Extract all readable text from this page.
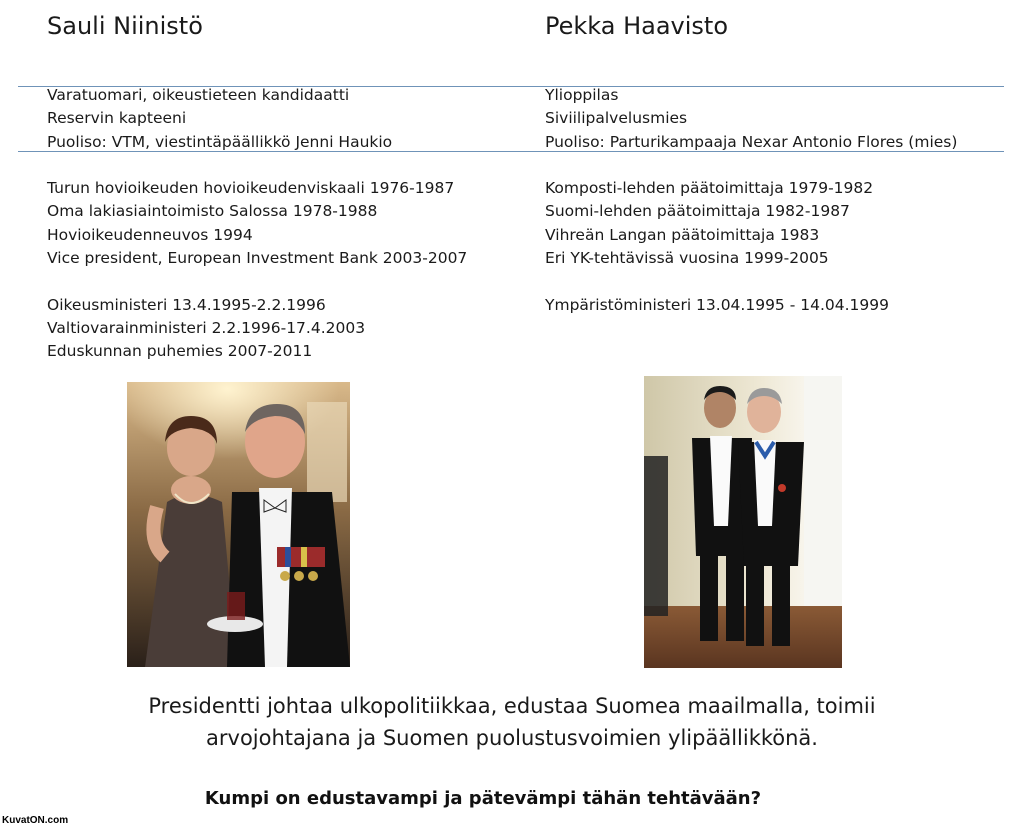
Sauli Niinistö	Pekka Haavisto
Varatuomari, oikeustieteen kandidaatti
Reservin kapteeni
Puoliso: VTM, viestintäpäällikkö Jenni Haukio
Turun hovioikeuden hovioikeudenviskaali 1976-1987
Oma lakiasiaintoimisto Salossa 1978-1988
Hovioikeudenneuvos 1994
Vice president, European Investment Bank 2003-2007
Oikeusministeri 13.4.1995-2.2.1996
Valtiovarainministeri 2.2.1996-17.4.2003
Eduskunnan puhemies 2007-2011
Ylioppilas
Siviilipalvelusmies
Puoliso: Parturikampaaja Nexar Antonio Flores (mies)
Komposti-lehden päätoimittaja 1979-1982
Suomi-lehden päätoimittaja 1982-1987
Vihreän Langan päätoimittaja 1983
Eri YK-tehtävissä vuosina 1999-2005
Ympäristöministeri 13.04.1995 - 14.04.1999
Presidentti johtaa ulkopolitiikkaa, edustaa Suomea maailmalla, toimii
arvojohtajana ja Suomen puolustusvoimien ylipäällikkönä.
Kumpi on edustavampi ja pätevämpi tähän tehtävään?
KuvatON.com
